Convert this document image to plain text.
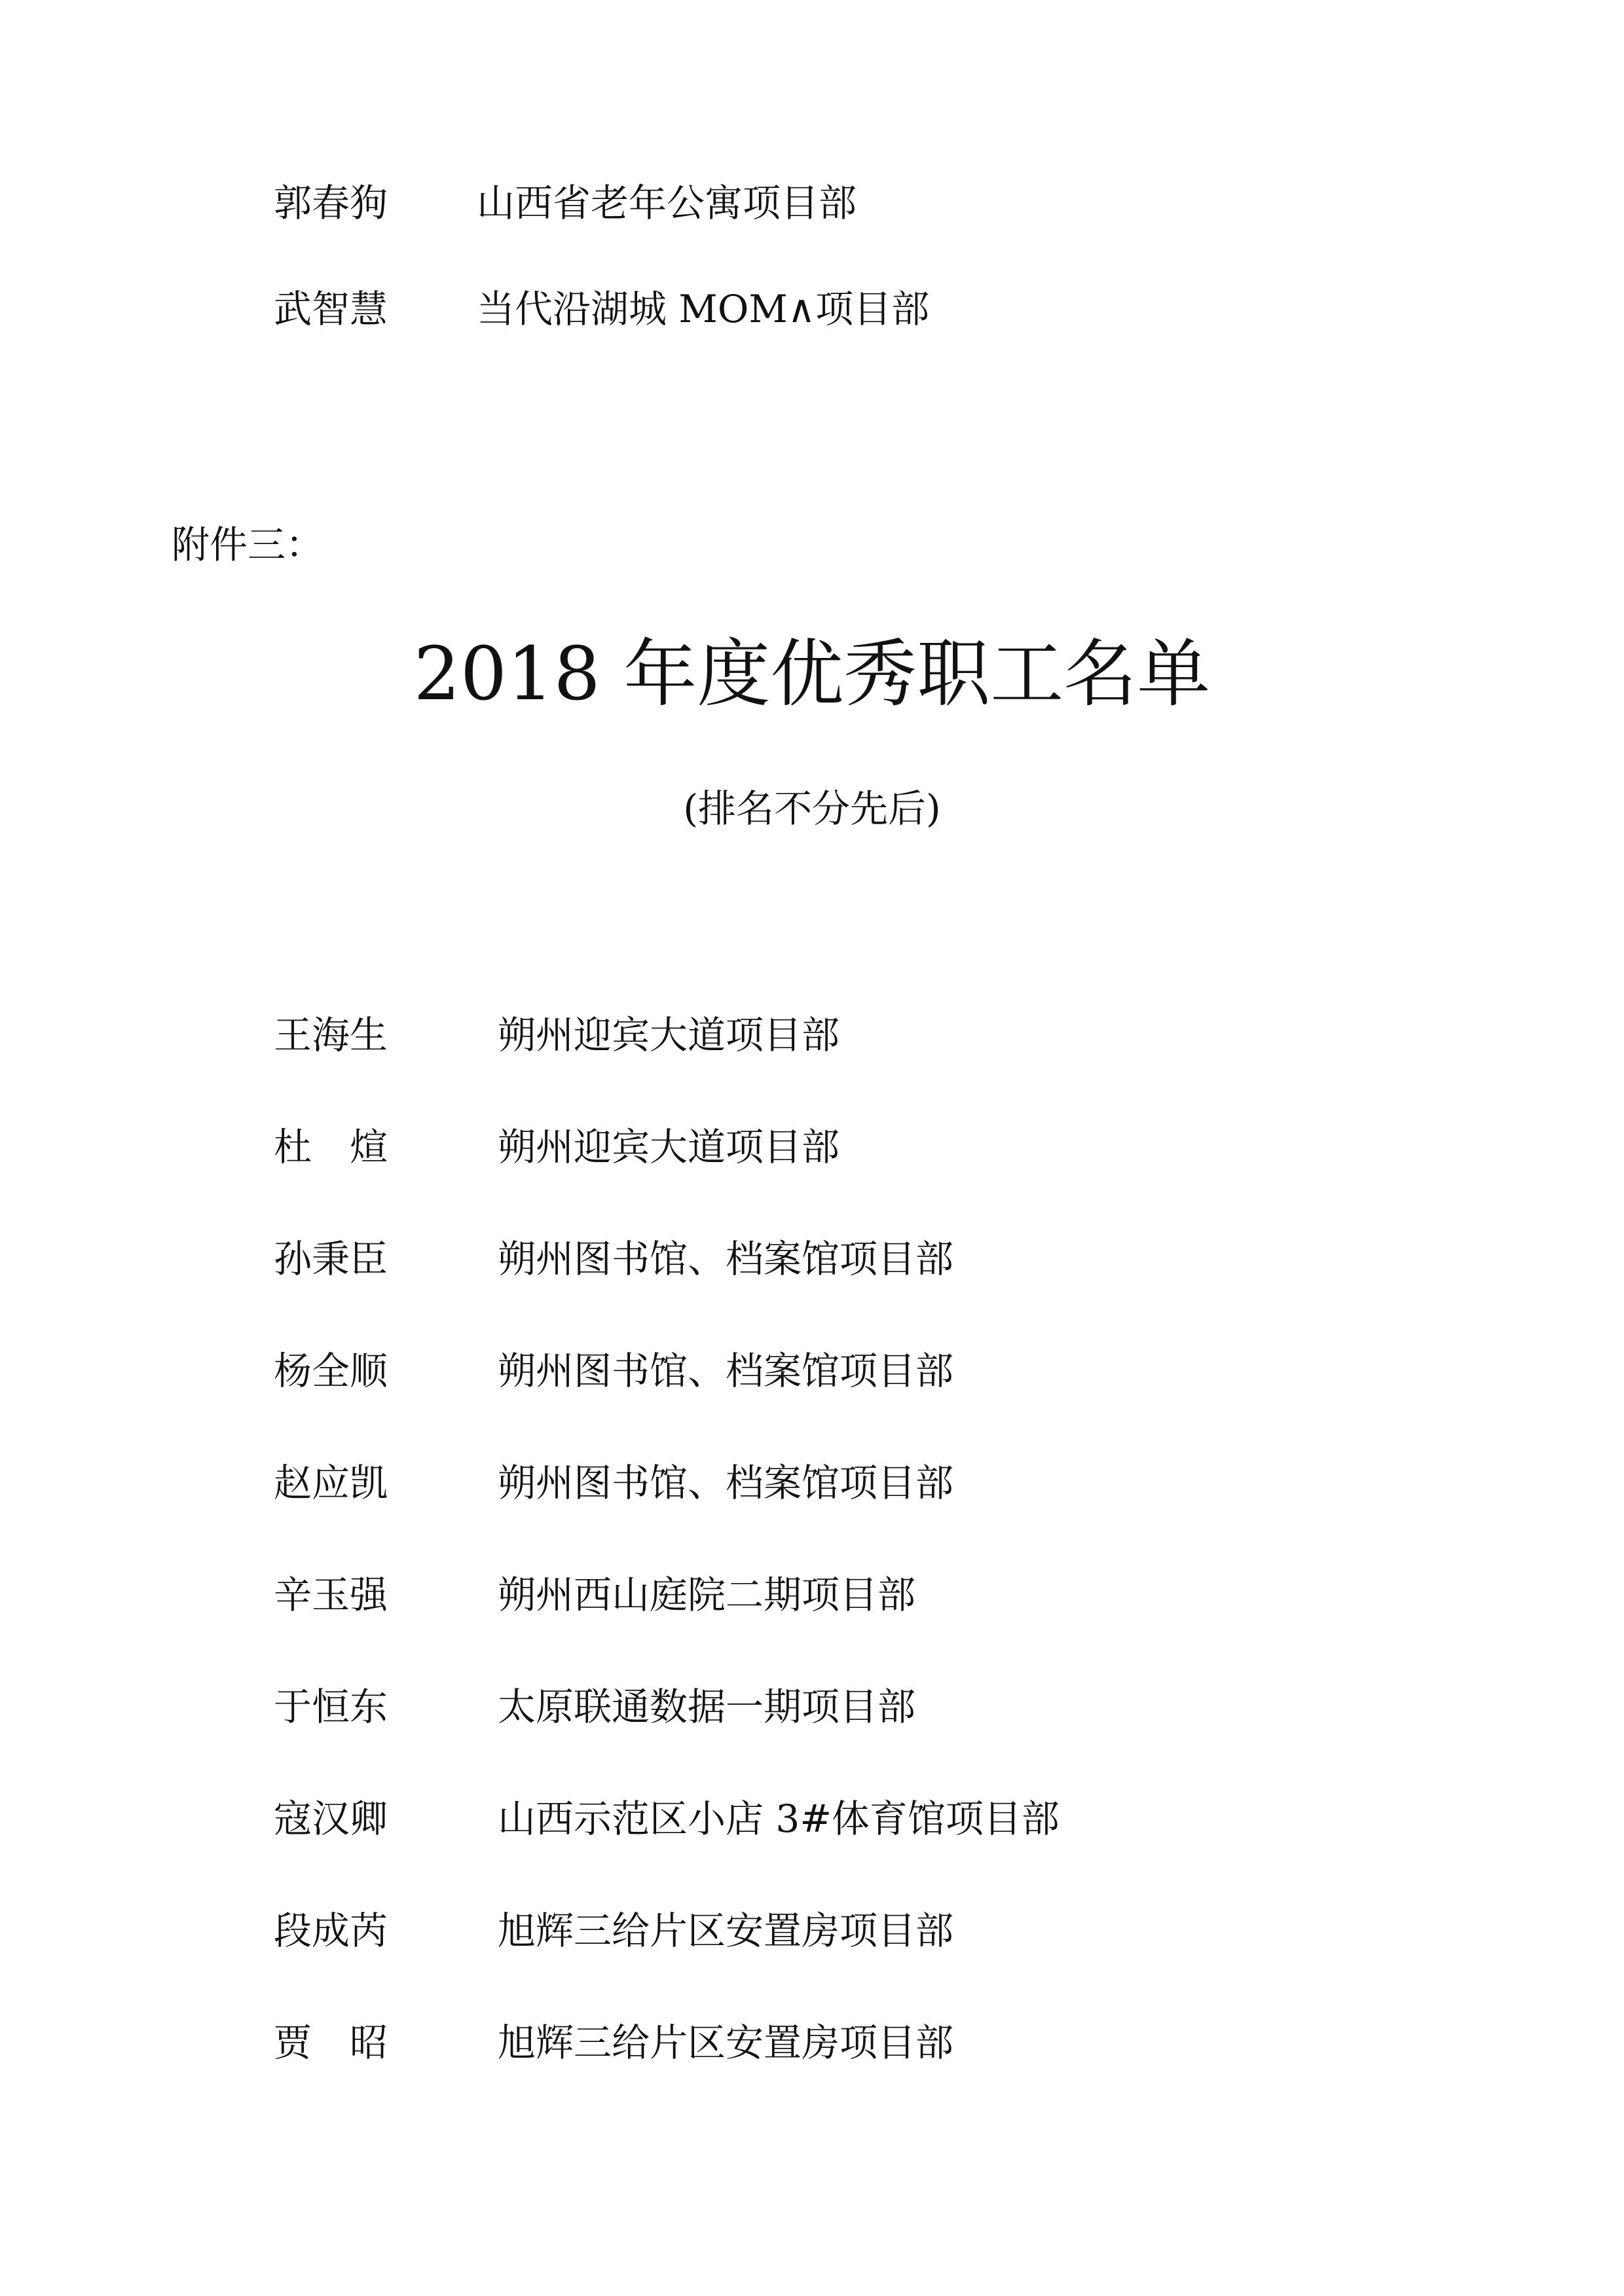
郭春狗 山西省老年公寓项目部
武智慧 当代沿湖城 MOM∧项目部
附件三：
2018 年度优秀职工名单
(排名不分先后)
王海生	朔州迎宾大道项目部
杜　煊	朔州迎宾大道项目部
孙秉臣	朔州图书馆、档案馆项目部
杨全顺	朔州图书馆、档案馆项目部
赵应凯	朔州图书馆、档案馆项目部
辛玉强	朔州西山庭院二期项目部
于恒东	太原联通数据一期项目部
寇汉卿	山西示范区小店 3#体育馆项目部
段成芮	旭辉三给片区安置房项目部
贾　昭	旭辉三给片区安置房项目部
